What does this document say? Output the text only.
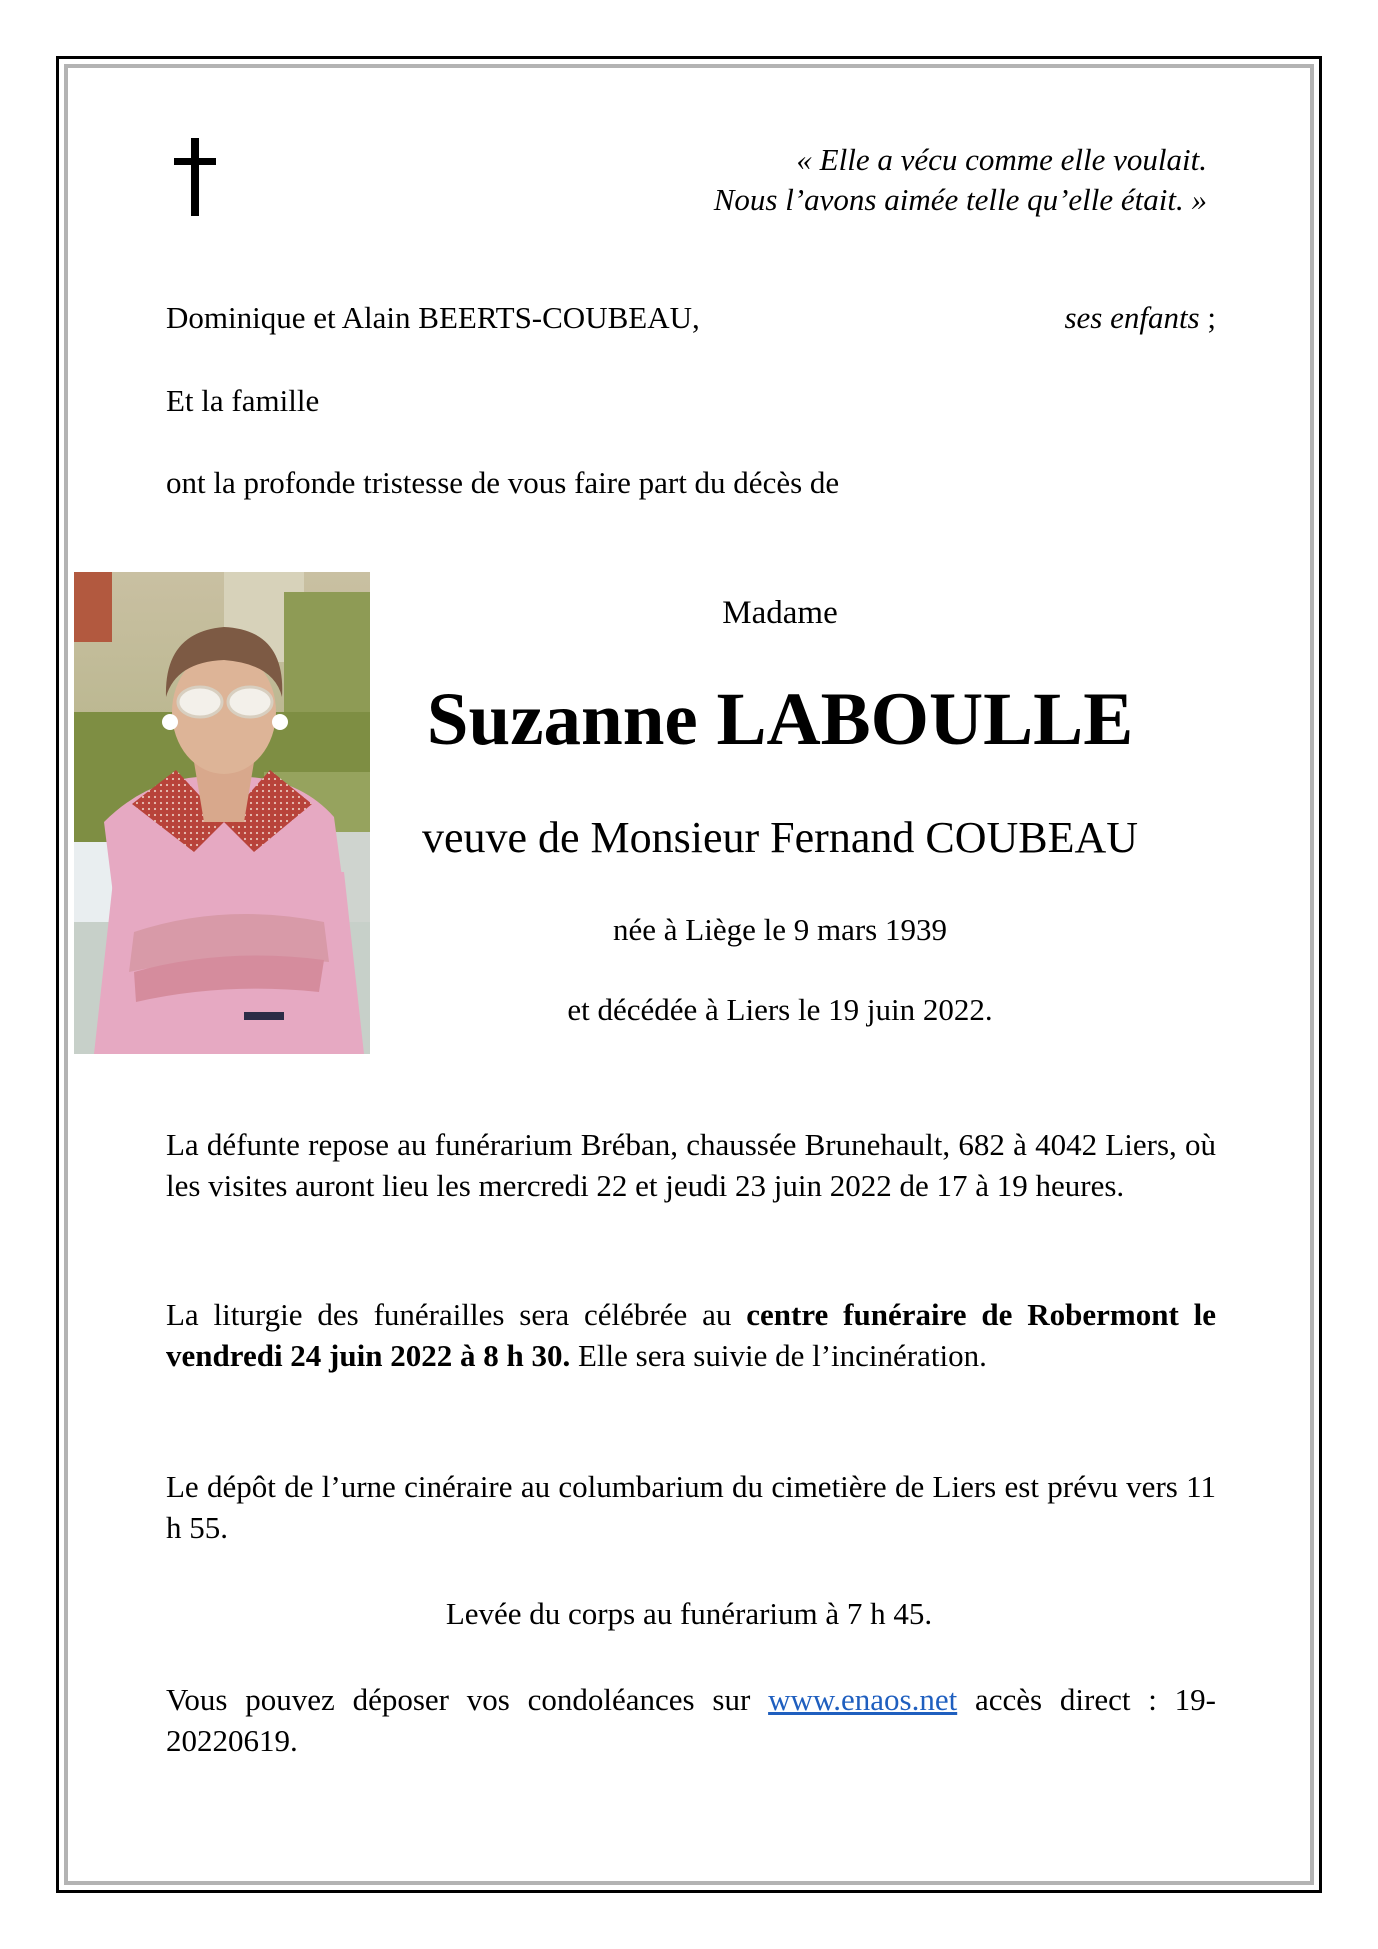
« Elle a vécu comme elle voulait.
Nous l’avons aimée telle qu’elle était. »
Dominique et Alain BEERTS-COUBEAU,	ses enfants ;
Et la famille
ont la profonde tristesse de vous faire part du décès de
Madame
Suzanne LABOULLE
veuve de Monsieur Fernand COUBEAU
née à Liège le 9 mars 1939
et décédée à Liers le 19 juin 2022.
La défunte repose au funérarium Bréban, chaussée Brunehault, 682 à 4042 Liers, où les visites auront lieu les mercredi 22 et jeudi 23 juin 2022 de 17 à 19 heures.
La liturgie des funérailles sera célébrée au centre funéraire de Robermont le vendredi 24 juin 2022 à 8 h 30. Elle sera suivie de l’incinération.
Le dépôt de l’urne cinéraire au columbarium du cimetière de Liers est prévu vers 11 h 55.
Levée du corps au funérarium à 7 h 45.
Vous pouvez déposer vos condoléances sur www.enaos.net accès direct : 19-20220619.
